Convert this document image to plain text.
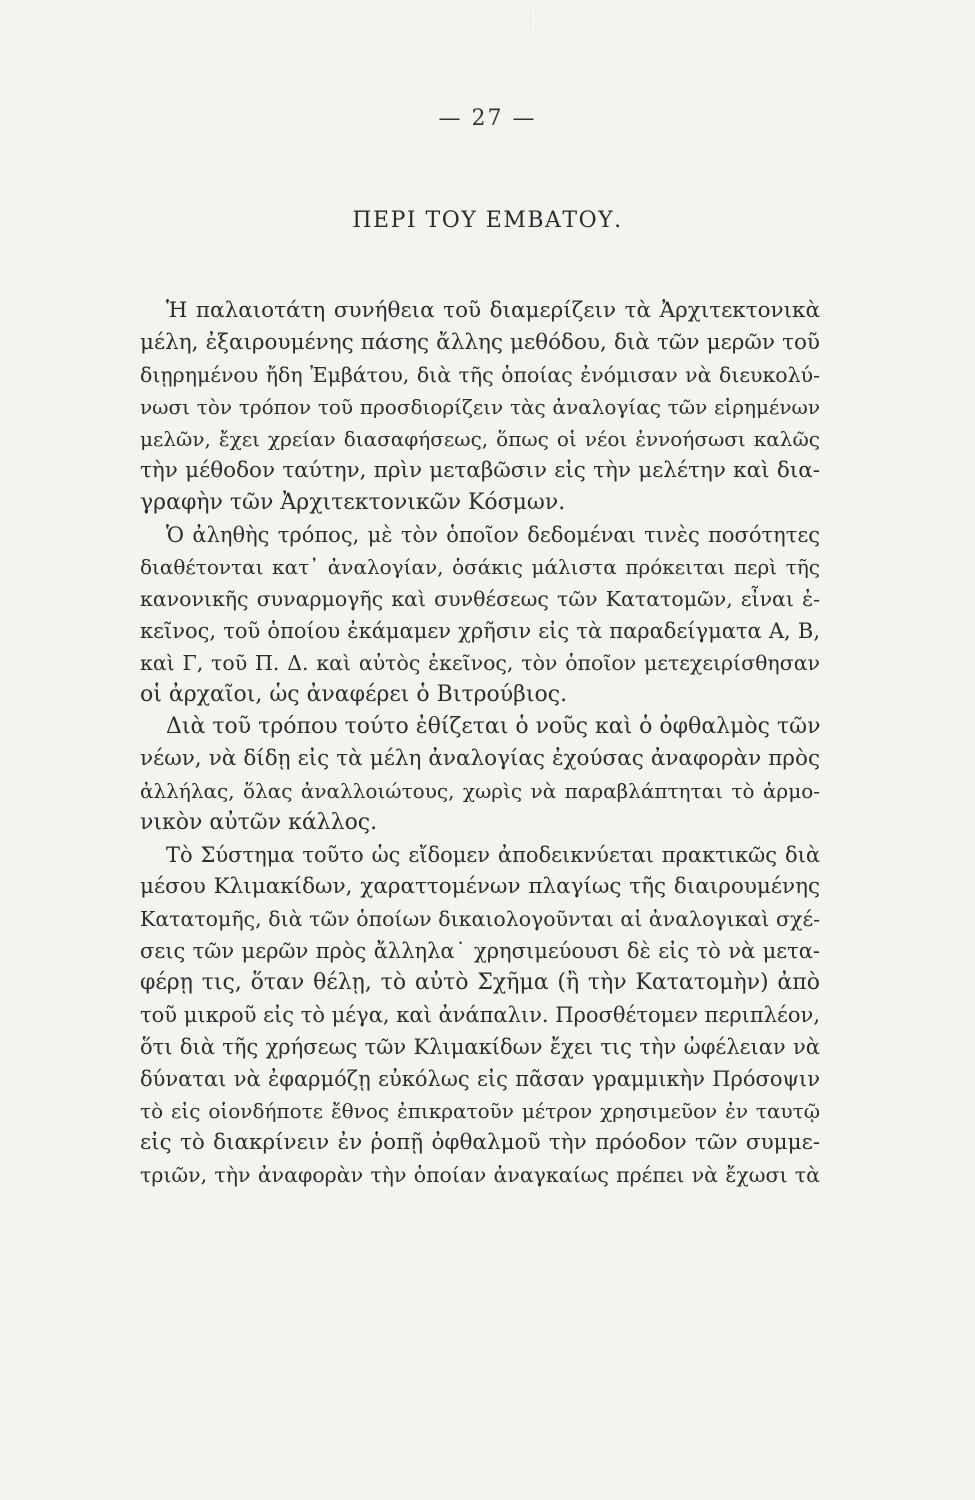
— 27 —
ΠΕΡΙ ΤΟΥ ΕΜΒΑΤΟΥ.
Ἡ παλαιοτάτη συνήθεια τοῦ διαμερίζειν τὰ Ἀρχιτεκτονικὰ
μέλη, ἐξαιρουμένης πάσης ἄλλης μεθόδου, διὰ τῶν μερῶν τοῦ
διῃρημένου ἤδη Ἐμβάτου, διὰ τῆς ὁποίας ἐνόμισαν νὰ διευκολύ-
νωσι τὸν τρόπον τοῦ προσδιορίζειν τὰς ἀναλογίας τῶν εἰρημένων
μελῶν, ἔχει χρείαν διασαφήσεως, ὅπως οἱ νέοι ἐννοήσωσι καλῶς
τὴν μέθοδον ταύτην, πρὶν μεταβῶσιν εἰς τὴν μελέτην καὶ δια-
γραφὴν τῶν Ἀρχιτεκτονικῶν Κόσμων.
Ὁ ἀληθὴς τρόπος, μὲ τὸν ὁποῖον δεδομέναι τινὲς ποσότητες
διαθέτονται κατ᾽ ἀναλογίαν, ὁσάκις μάλιστα πρόκειται περὶ τῆς
κανονικῆς συναρμογῆς καὶ συνθέσεως τῶν Κατατομῶν, εἶναι ἐ-
κεῖνος, τοῦ ὁποίου ἐκάμαμεν χρῆσιν εἰς τὰ παραδείγματα Α, Β,
καὶ Γ, τοῦ Π. Δ. καὶ αὐτὸς ἐκεῖνος, τὸν ὁποῖον μετεχειρίσθησαν
οἱ ἀρχαῖοι, ὡς ἀναφέρει ὁ Βιτρούβιος.
Διὰ τοῦ τρόπου τούτο ἐθίζεται ὁ νοῦς καὶ ὁ ὀφθαλμὸς τῶν
νέων, νὰ δίδῃ εἰς τὰ μέλη ἀναλογίας ἐχούσας ἀναφορὰν πρὸς
ἀλλήλας, ὅλας ἀναλλοιώτους, χωρὶς νὰ παραβλάπτηται τὸ ἁρμο-
νικὸν αὐτῶν κάλλος.
Τὸ Σύστημα τοῦτο ὡς εἴδομεν ἀποδεικνύεται πρακτικῶς διὰ
μέσου Κλιμακίδων, χαραττομένων πλαγίως τῆς διαιρουμένης
Κατατομῆς, διὰ τῶν ὁποίων δικαιολογοῦνται αἱ ἀναλογικαὶ σχέ-
σεις τῶν μερῶν πρὸς ἄλληλα˙ χρησιμεύουσι δὲ εἰς τὸ νὰ μετα-
φέρῃ τις, ὅταν θέλῃ, τὸ αὐτὸ Σχῆμα (ἢ τὴν Κατατομὴν) ἀπὸ
τοῦ μικροῦ εἰς τὸ μέγα, καὶ ἀνάπαλιν. Προσθέτομεν περιπλέον,
ὅτι διὰ τῆς χρήσεως τῶν Κλιμακίδων ἔχει τις τὴν ὠφέλειαν νὰ
δύναται νὰ ἐφαρμόζῃ εὐκόλως εἰς πᾶσαν γραμμικὴν Πρόσοψιν
τὸ εἰς οἱονδήποτε ἔθνος ἐπικρατοῦν μέτρον χρησιμεῦον ἐν ταυτῷ
εἰς τὸ διακρίνειν ἐν ῥοπῇ ὀφθαλμοῦ τὴν πρόοδον τῶν συμμε-
τριῶν, τὴν ἀναφορὰν τὴν ὁποίαν ἀναγκαίως πρέπει νὰ ἔχωσι τὰ
